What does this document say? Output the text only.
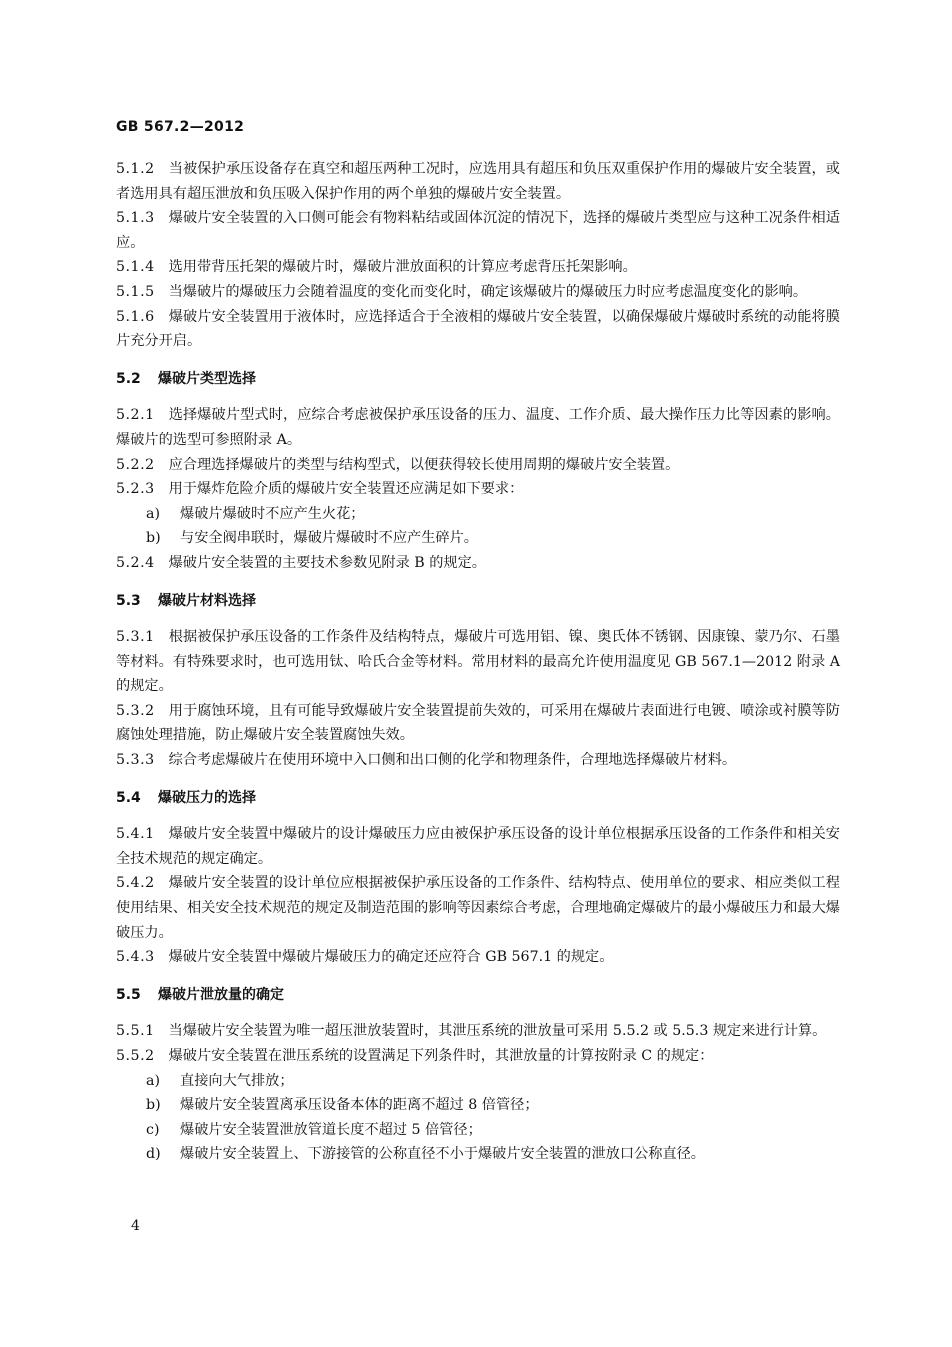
GB 567.2—2012
5.1.2 当被保护承压设备存在真空和超压两种工况时，应选用具有超压和负压双重保护作用的爆破片安全装置，或者选用具有超压泄放和负压吸入保护作用的两个单独的爆破片安全装置。
5.1.3 爆破片安全装置的入口侧可能会有物料粘结或固体沉淀的情况下，选择的爆破片类型应与这种工况条件相适应。
5.1.4 选用带背压托架的爆破片时，爆破片泄放面积的计算应考虑背压托架影响。
5.1.5 当爆破片的爆破压力会随着温度的变化而变化时，确定该爆破片的爆破压力时应考虑温度变化的影响。
5.1.6 爆破片安全装置用于液体时，应选择适合于全液相的爆破片安全装置，以确保爆破片爆破时系统的动能将膜片充分开启。
5.2 爆破片类型选择
5.2.1 选择爆破片型式时，应综合考虑被保护承压设备的压力、温度、工作介质、最大操作压力比等因素的影响。爆破片的选型可参照附录 A。
5.2.2 应合理选择爆破片的类型与结构型式，以便获得较长使用周期的爆破片安全装置。
5.2.3 用于爆炸危险介质的爆破片安全装置还应满足如下要求：
a) 爆破片爆破时不应产生火花；
b) 与安全阀串联时，爆破片爆破时不应产生碎片。
5.2.4 爆破片安全装置的主要技术参数见附录 B 的规定。
5.3 爆破片材料选择
5.3.1 根据被保护承压设备的工作条件及结构特点，爆破片可选用铝、镍、奥氏体不锈钢、因康镍、蒙乃尔、石墨等材料。有特殊要求时，也可选用钛、哈氏合金等材料。常用材料的最高允许使用温度见 GB 567.1—2012 附录 A 的规定。
5.3.2 用于腐蚀环境，且有可能导致爆破片安全装置提前失效的，可采用在爆破片表面进行电镀、喷涂或衬膜等防腐蚀处理措施，防止爆破片安全装置腐蚀失效。
5.3.3 综合考虑爆破片在使用环境中入口侧和出口侧的化学和物理条件，合理地选择爆破片材料。
5.4 爆破压力的选择
5.4.1 爆破片安全装置中爆破片的设计爆破压力应由被保护承压设备的设计单位根据承压设备的工作条件和相关安全技术规范的规定确定。
5.4.2 爆破片安全装置的设计单位应根据被保护承压设备的工作条件、结构特点、使用单位的要求、相应类似工程使用结果、相关安全技术规范的规定及制造范围的影响等因素综合考虑，合理地确定爆破片的最小爆破压力和最大爆破压力。
5.4.3 爆破片安全装置中爆破片爆破压力的确定还应符合 GB 567.1 的规定。
5.5 爆破片泄放量的确定
5.5.1 当爆破片安全装置为唯一超压泄放装置时，其泄压系统的泄放量可采用 5.5.2 或 5.5.3 规定来进行计算。
5.5.2 爆破片安全装置在泄压系统的设置满足下列条件时，其泄放量的计算按附录 C 的规定：
a) 直接向大气排放；
b) 爆破片安全装置离承压设备本体的距离不超过 8 倍管径；
c) 爆破片安全装置泄放管道长度不超过 5 倍管径；
d) 爆破片安全装置上、下游接管的公称直径不小于爆破片安全装置的泄放口公称直径。
4
